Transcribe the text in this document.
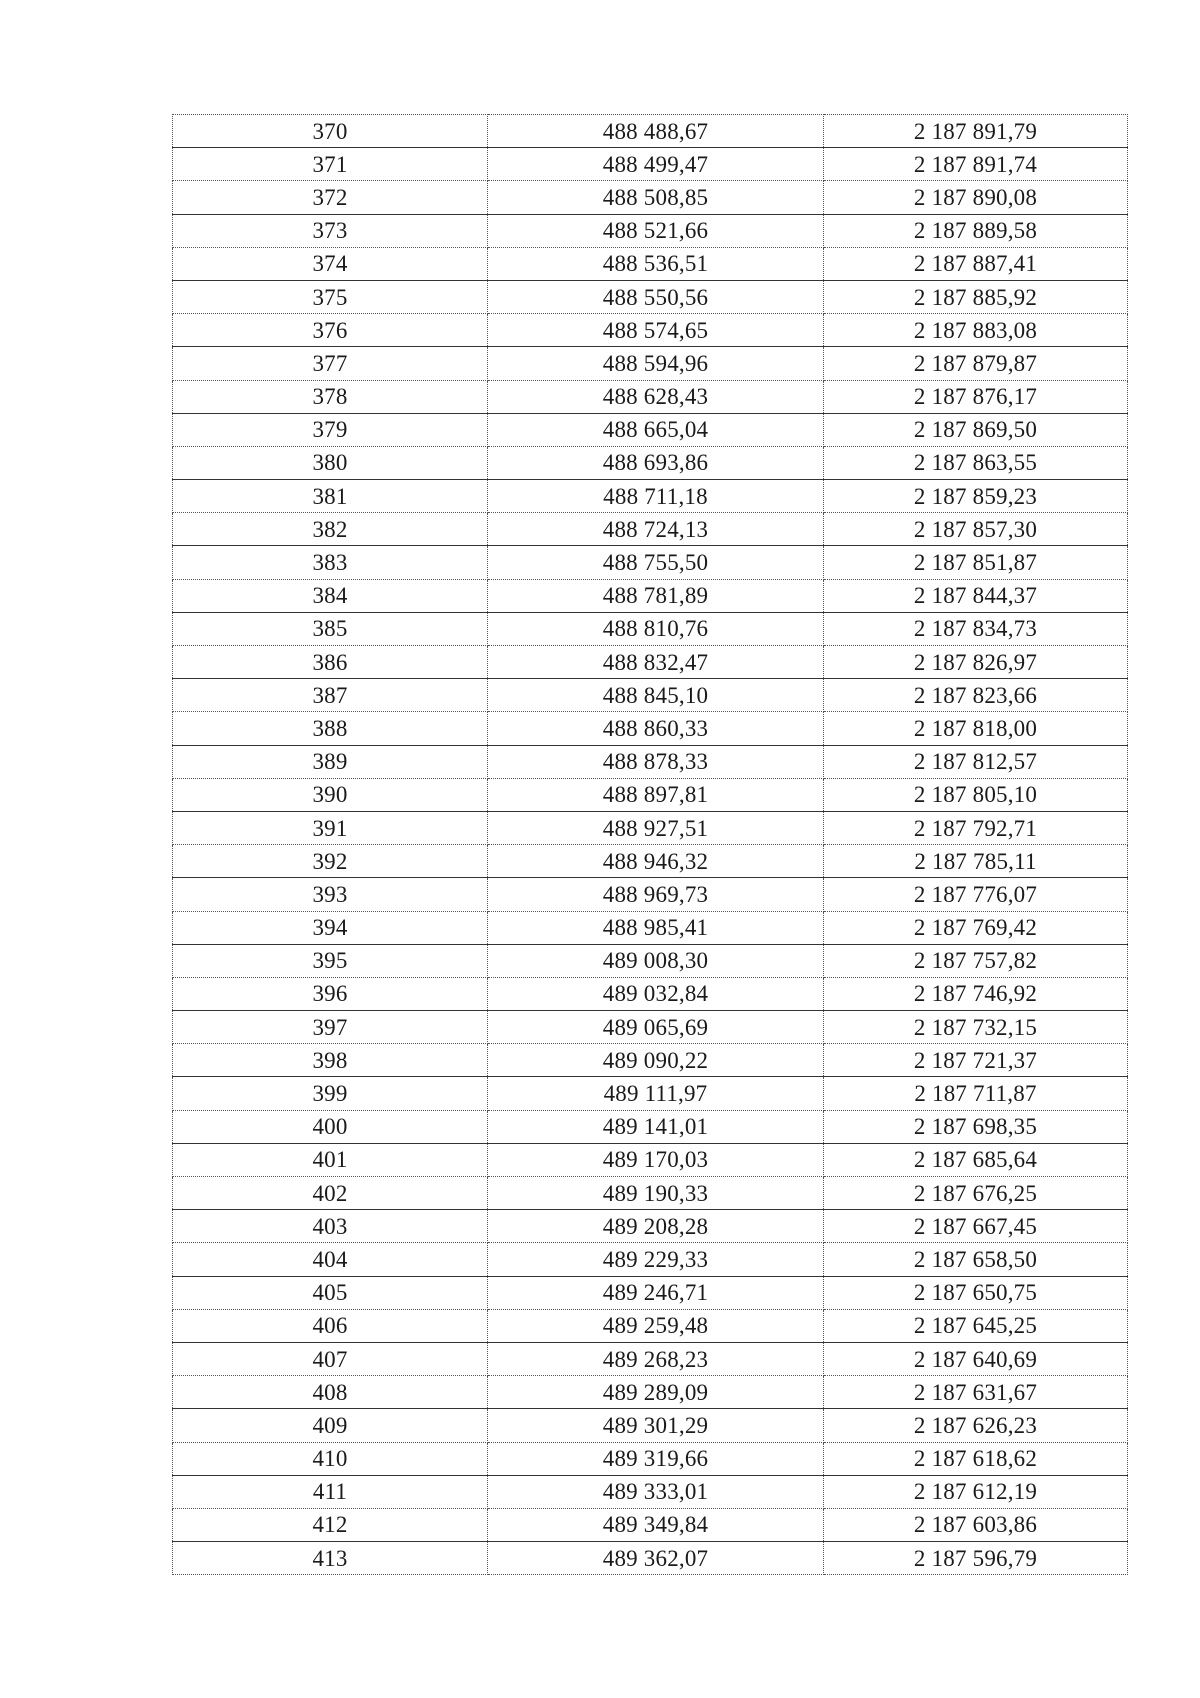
370	488 488,67	2 187 891,79
371	488 499,47	2 187 891,74
372	488 508,85	2 187 890,08
373	488 521,66	2 187 889,58
374	488 536,51	2 187 887,41
375	488 550,56	2 187 885,92
376	488 574,65	2 187 883,08
377	488 594,96	2 187 879,87
378	488 628,43	2 187 876,17
379	488 665,04	2 187 869,50
380	488 693,86	2 187 863,55
381	488 711,18	2 187 859,23
382	488 724,13	2 187 857,30
383	488 755,50	2 187 851,87
384	488 781,89	2 187 844,37
385	488 810,76	2 187 834,73
386	488 832,47	2 187 826,97
387	488 845,10	2 187 823,66
388	488 860,33	2 187 818,00
389	488 878,33	2 187 812,57
390	488 897,81	2 187 805,10
391	488 927,51	2 187 792,71
392	488 946,32	2 187 785,11
393	488 969,73	2 187 776,07
394	488 985,41	2 187 769,42
395	489 008,30	2 187 757,82
396	489 032,84	2 187 746,92
397	489 065,69	2 187 732,15
398	489 090,22	2 187 721,37
399	489 111,97	2 187 711,87
400	489 141,01	2 187 698,35
401	489 170,03	2 187 685,64
402	489 190,33	2 187 676,25
403	489 208,28	2 187 667,45
404	489 229,33	2 187 658,50
405	489 246,71	2 187 650,75
406	489 259,48	2 187 645,25
407	489 268,23	2 187 640,69
408	489 289,09	2 187 631,67
409	489 301,29	2 187 626,23
410	489 319,66	2 187 618,62
411	489 333,01	2 187 612,19
412	489 349,84	2 187 603,86
413	489 362,07	2 187 596,79
